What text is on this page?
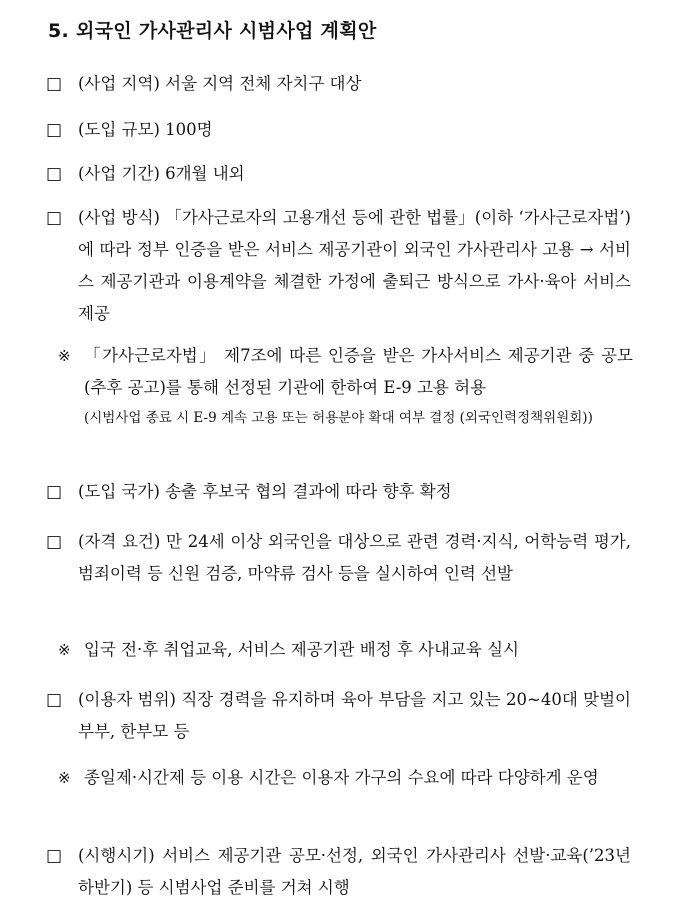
5. 외국인 가사관리사 시범사업 계획안
□ (사업 지역) 서울 지역 전체 자치구 대상
□ (도입 규모) 100명
□ (사업 기간) 6개월 내외
□ (사업 방식) 「가사근로자의 고용개선 등에 관한 법률」(이하 ‘가사근로자법’)에 따라 정부 인증을 받은 서비스 제공기관이 외국인 가사관리사 고용 → 서비스 제공기관과 이용계약을 체결한 가정에 출퇴근 방식으로 가사·육아 서비스 제공
※ 「가사근로자법」 제7조에 따른 인증을 받은 가사서비스 제공기관 중 공모(추후 공고)를 통해 선정된 기관에 한하여 E-9 고용 허용
(시범사업 종료 시 E-9 계속 고용 또는 허용분야 확대 여부 결정 (외국인력정책위원회))
□ (도입 국가) 송출 후보국 협의 결과에 따라 향후 확정
□ (자격 요건) 만 24세 이상 외국인을 대상으로 관련 경력·지식, 어학능력 평가, 범죄이력 등 신원 검증, 마약류 검사 등을 실시하여 인력 선발
※ 입국 전·후 취업교육, 서비스 제공기관 배정 후 사내교육 실시
□ (이용자 범위) 직장 경력을 유지하며 육아 부담을 지고 있는 20~40대 맞벌이 부부, 한부모 등
※ 종일제·시간제 등 이용 시간은 이용자 가구의 수요에 따라 다양하게 운영
□ (시행시기) 서비스 제공기관 공모·선정, 외국인 가사관리사 선발·교육(’23년 하반기) 등 시범사업 준비를 거쳐 시행
